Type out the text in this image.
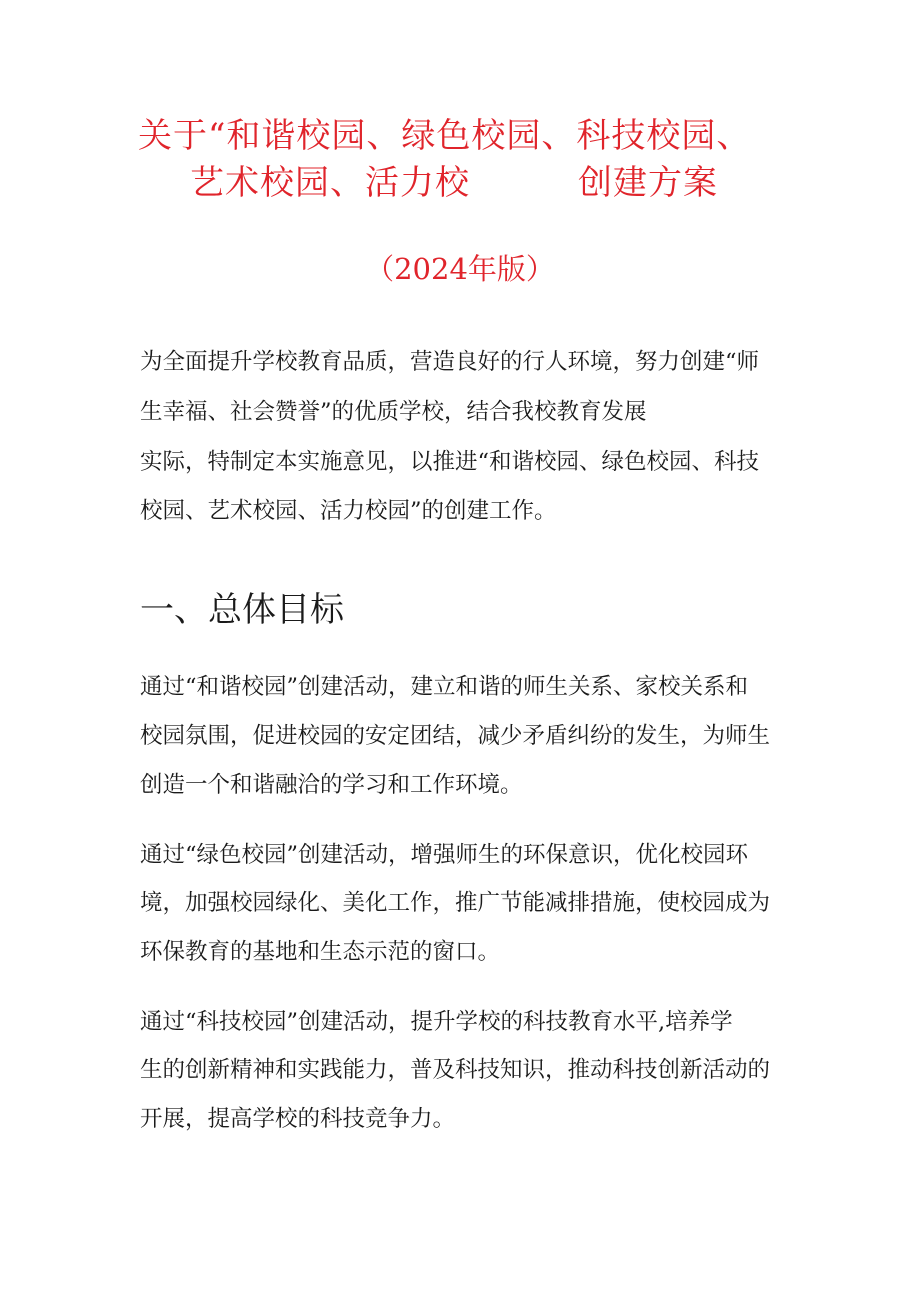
关于“和谐校园、绿色校园、科技校园、
艺术校园、活力校	创建方案
（2024年版）
为全面提升学校教育品质，营造良好的行人环境，努力创建“师
生幸福、社会赞誉”的优质学校，结合我校教育发展
实际，特制定本实施意见，以推进“和谐校园、绿色校园、科技
校园、艺术校园、活力校园”的创建工作。
一、总体目标
通过“和谐校园”创建活动，建立和谐的师生关系、家校关系和
校园氛围，促进校园的安定团结，减少矛盾纠纷的发生，为师生
创造一个和谐融洽的学习和工作环境。
通过“绿色校园”创建活动，增强师生的环保意识，优化校园环
境，加强校园绿化、美化工作，推广节能减排措施，使校园成为
环保教育的基地和生态示范的窗口。
通过“科技校园”创建活动，提升学校的科技教育水平,培养学
生的创新精神和实践能力，普及科技知识，推动科技创新活动的
开展，提高学校的科技竞争力。
